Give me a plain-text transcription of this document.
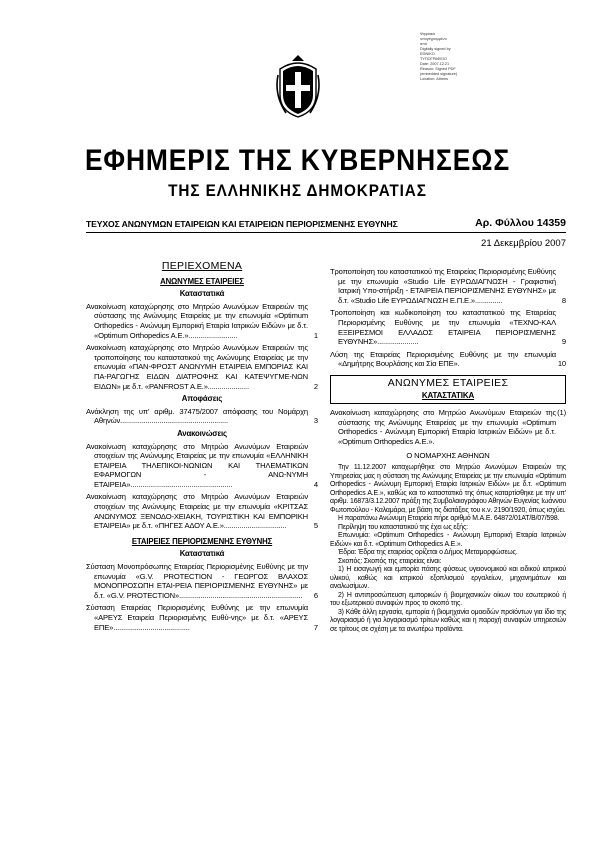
Ψηφιακά
υπογεγραμμένο
από
Digitally signed by
ΕΘΝΙΚΟ
ΤΥΠΟΓΡΑΦΕΙΟ
Date: 2007.12.21
Reason: Signed PDF
(embedded signature)
Location: Athens
ΕΦΗΜΕΡΙΣ ΤΗΣ ΚΥΒΕΡΝΗΣΕΩΣ
ΤΗΣ ΕΛΛΗΝΙΚΗΣ ΔΗΜΟΚΡΑΤΙΑΣ
ΤΕΥΧΟΣ ΑΝΩΝΥΜΩΝ ΕΤΑΙΡΕΙΩΝ ΚΑΙ ΕΤΑΙΡΕΙΩΝ ΠΕΡΙΟΡΙΣΜΕΝΗΣ ΕΥΘΥΝΗΣ	Αρ. Φύλλου 14359
21 Δεκεμβρίου 2007
ΠΕΡΙΕΧΟΜΕΝΑ
ΑΝΩΝΥΜΕΣ ΕΤΑΙΡΕΙΕΣ
Καταστατικά
Ανακοίνωση καταχώρησης στο Μητρώο Ανωνύμων Εταιρειών της σύστασης της Ανώνυμης Εταιρείας με την επωνυμία «Optimum Orthopedics - Ανώνυμη Εμπορική Εταιρία Ιατρικών Ειδών» με δ.τ. «Optimum Orthopedics A.E.».........................	1
Ανακοίνωση καταχώρησης στο Μητρώο Ανωνύμων Εταιρειών της τροποποίησης του καταστατικού της Ανώνυμης Εταιρείας με την επωνυμία «ΠΑΝ-ΦΡΟΣΤ ΑΝΩΝΥΜΗ ΕΤΑΙΡΕΙΑ ΕΜΠΟΡΙΑΣ ΚΑΙ ΠΑ-ΡΑΓΩΓΗΣ ΕΙΔΩΝ ΔΙΑΤΡΟΦΗΣ ΚΑΙ ΚΑΤΕΨΥΓΜΕ-ΝΩΝ ΕΙΔΩΝ» με δ.τ. «PANFROST A.E.».....................	2
Αποφάσεις
Ανάκληση της υπ' αριθμ. 37475/2007 απόφασης του Νομάρχη Αθηνών.......................................................	3
Ανακοινώσεις
Ανακοίνωση καταχώρησης στο Μητρώο Ανωνύμων Εταιρειών στοιχείων της Ανώνυμης Εταιρείας με την επωνυμία «ΕΛΛΗΝΙΚΗ ΕΤΑΙΡΕΙΑ ΤΗΛΕΠΙΚΟΙ-ΝΩΝΙΩΝ ΚΑΙ ΤΗΛΕΜΑΤΙΚΩΝ ΕΦΑΡΜΟΓΩΝ - ΑΝΩ-ΝΥΜΗ ΕΤΑΙΡΕΙΑ»....................................................	4
Ανακοίνωση καταχώρησης στο Μητρώο Ανωνύμων Εταιρειών στοιχείων της Ανώνυμης Εταιρείας με την επωνυμία «ΚΡΙΤΣΑΣ ΑΝΩΝΥΜΟΣ ΞΕΝΟΔΟ-ΧΕΙΑΚΗ, ΤΟΥΡΙΣΤΙΚΗ ΚΑΙ ΕΜΠΟΡΙΚΗ ΕΤΑΙΡΕΙΑ» με δ.τ. «ΠΗΓΕΣ ΑΔΟΥ Α.Ε.»................................	5
ΕΤΑΙΡΕΙΕΣ ΠΕΡΙΟΡΙΣΜΕΝΗΣ ΕΥΘΥΝΗΣ
Καταστατικά
Σύσταση Μονοπρόσωπης Εταιρείας Περιορισμένης Ευθύνης με την επωνυμία «G.V. PROTECTION - ΓΕΩΡΓΟΣ ΒΛΑΧΟΣ ΜΟΝΟΠΡΟΣΩΠΗ ΕΤΑΙ-ΡΕΙΑ ΠΕΡΙΟΡΙΣΜΕΝΗΣ ΕΥΘΥΝΗΣ» με δ.τ. «G.V. PROTECTION»...............................................................	6
Σύσταση Εταιρείας Περιορισμένης Ευθύνης με την επωνυμία «ΑΡΕΥΣ Εταιρεία Περιορισμένης Ευθύ-νης» με δ.τ. «ΑΡΕΥΣ ΕΠΕ».......................................	7
Τροποποίηση του καταστατικού της Εταιρείας Περιορισμένης Ευθύνης με την επωνυμία «Studio Life ΕΥΡΩΔΙΑΓΝΩΣΗ - Γραφιστική Ιατρική Υπο-στήριξη - ΕΤΑΙΡΕΙΑ ΠΕΡΙΟΡΙΣΜΕΝΗΣ ΕΥΘΥΝΗΣ» με δ.τ. «Studio Life ΕΥΡΩΔΙΑΓΝΩΣΗ Ε.Π.Ε.»..............	8
Τροποποίηση και κωδικοποίηση του καταστατικού της Εταιρείας Περιορισμένης Ευθύνης με την επωνυμία «ΤΕΧΝΟ-ΚΑΛ ΕΞΕΙΡΕΣΜΟΙ ΕΛΛΑΔΟΣ ΕΤΑΙΡΕΙΑ ΠΕΡΙΟΡΙΣΜΕΝΗΣ ΕΥΘΥΝΗΣ».....................	9
Λύση της Εταιρείας Περιορισμένης Ευθύνης με την επωνυμία «Δημήτρης Βουρλάσης και Σία ΕΠΕ».	10
ΑΝΩΝΥΜΕΣ ΕΤΑΙΡΕΙΕΣ
ΚΑΤΑΣΤΑΤΙΚΑ
Ανακοίνωση καταχώρησης στο Μητρώο Ανωνύμων Εταιρειών της σύστασης της Ανώνυμης Εταιρείας με την επωνυμία «Optimum Orthopedics - Ανώνυμη Εμπορική Εταιρία Ιατρικών Ειδών» με δ.τ. «Optimum Orthopedics A.E.».
(1)
Ο ΝΟΜΑΡΧΗΣ ΑΘΗΝΩΝ
Την 11.12.2007 καταχωρήθηκε στο Μητρώο Ανωνύμων Εταιρειών της Υπηρεσίας μας η σύσταση της Ανώνυμης Εταιρείας με την επωνυμία «Optimum Orthopedics - Ανώνυμη Εμπορική Εταιρία Ιατρικών Ειδών» με δ.τ. «Optimum Orthopedics A.E.», καθώς και το καταστατικό της όπως καταρτίσθηκε με την υπ' αριθμ. 16873/3.12.2007 πράξη της Συμβολαιογράφου Αθηνών Ευγενίας Ιωάννου Φωτοπούλου - Καλαμάρα, με βάση τις διατάξεις του κ.ν. 2190/1920, όπως ισχύει.
Η παραπάνω Ανώνυμη Εταιρεία πήρε αριθμό Μ.Α.Ε. 64872/01ΑΤ/Β/07/598.
Περίληψη του καταστατικού της έχει ως εξής:
Επωνυμία: «Optimum Orthopedics - Ανώνυμη Εμπορική Εταιρία Ιατρικών Ειδών» και δ.τ. «Optimum Orthopedics A.E.».
Έδρα: Έδρα της εταιρείας ορίζεται ο Δήμος Μεταμορφώσεως.
Σκοπός: Σκοπός της εταιρείας είναι:
1) Η εισαγωγή και εμπορία πάσης φύσεως υγειονομικού και ειδικού ιατρικού υλικού, καθώς και ιατρικού εξοπλισμού εργαλείων, μηχανημάτων και αναλωσίμων.
2) Η αντιπροσώπευση εμπορικών ή βιομηχανικών οίκων του εσωτερικού ή του εξωτερικού συναφών προς το σκοπό της.
3) Κάθε άλλη εργασία, εμπορία ή βιομηχανία ομοειδών προϊόντων για ίδιο της λογαριασμό ή για λογαριασμό τρίτων καθώς και η παροχή συναφών υπηρεσιών σε τρίτους σε σχέση με τα ανωτέρω προϊόντα.
